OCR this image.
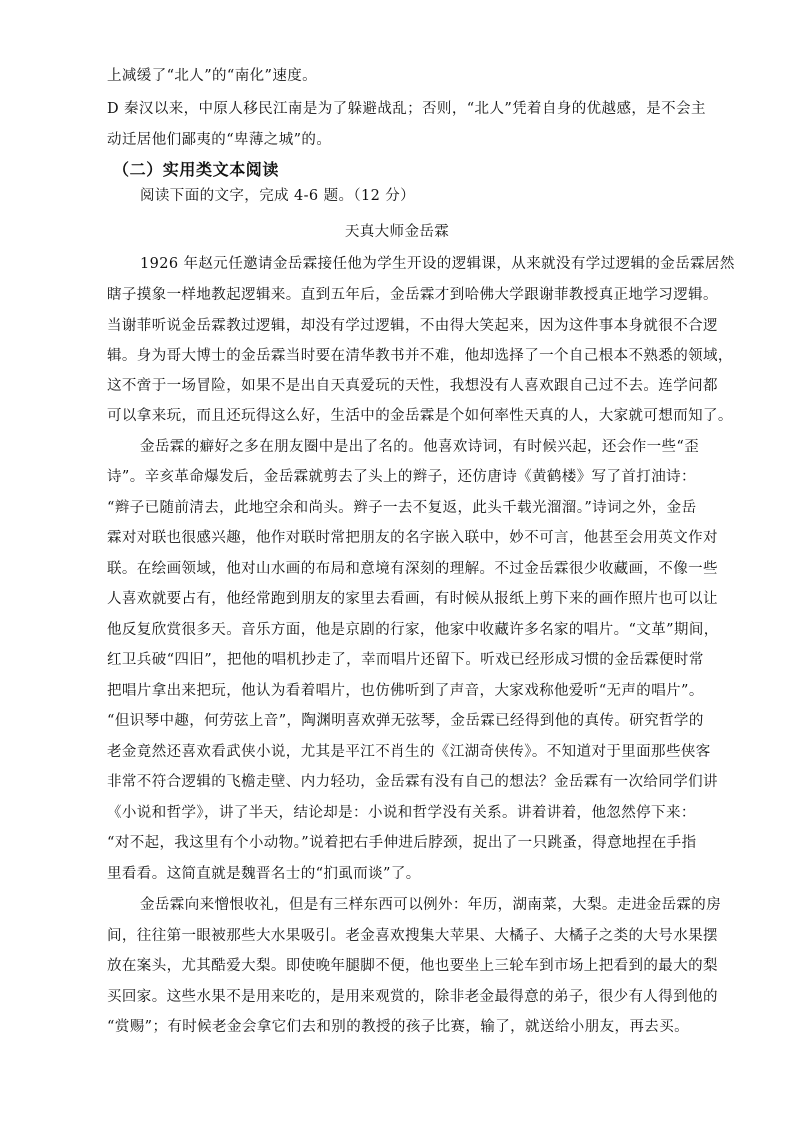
上减缓了“北人”的“南化”速度。
D 秦汉以来，中原人移民江南是为了躲避战乱；否则，“北人”凭着自身的优越感，是不会主
动迁居他们鄙夷的“卑薄之城”的。
（二）实用类文本阅读
阅读下面的文字，完成 4-6 题。（12 分）
天真大师金岳霖
1926 年赵元任邀请金岳霖接任他为学生开设的逻辑课，从来就没有学过逻辑的金岳霖居然
瞎子摸象一样地教起逻辑来。直到五年后，金岳霖才到哈佛大学跟谢菲教授真正地学习逻辑。
当谢菲听说金岳霖教过逻辑，却没有学过逻辑，不由得大笑起来，因为这件事本身就很不合逻
辑。身为哥大博士的金岳霖当时要在清华教书并不难，他却选择了一个自己根本不熟悉的领域，
这不啻于一场冒险，如果不是出自天真爱玩的天性，我想没有人喜欢跟自己过不去。连学问都
可以拿来玩，而且还玩得这么好，生活中的金岳霖是个如何率性天真的人，大家就可想而知了。
金岳霖的癖好之多在朋友圈中是出了名的。他喜欢诗词，有时候兴起，还会作一些“歪
诗”。辛亥革命爆发后，金岳霖就剪去了头上的辫子，还仿唐诗《黄鹤楼》写了首打油诗：
“辫子已随前清去，此地空余和尚头。辫子一去不复返，此头千载光溜溜。”诗词之外，金岳
霖对对联也很感兴趣，他作对联时常把朋友的名字嵌入联中，妙不可言，他甚至会用英文作对
联。在绘画领域，他对山水画的布局和意境有深刻的理解。不过金岳霖很少收藏画，不像一些
人喜欢就要占有，他经常跑到朋友的家里去看画，有时候从报纸上剪下来的画作照片也可以让
他反复欣赏很多天。音乐方面，他是京剧的行家，他家中收藏许多名家的唱片。“文革”期间，
红卫兵破“四旧”，把他的唱机抄走了，幸而唱片还留下。听戏已经形成习惯的金岳霖便时常
把唱片拿出来把玩，他认为看着唱片，也仿佛听到了声音，大家戏称他爱听“无声的唱片”。
“但识琴中趣，何劳弦上音”，陶渊明喜欢弹无弦琴，金岳霖已经得到他的真传。研究哲学的
老金竟然还喜欢看武侠小说，尤其是平江不肖生的《江湖奇侠传》。不知道对于里面那些侠客
非常不符合逻辑的飞檐走壁、内力轻功，金岳霖有没有自己的想法？金岳霖有一次给同学们讲
《小说和哲学》，讲了半天，结论却是：小说和哲学没有关系。讲着讲着，他忽然停下来：
“对不起，我这里有个小动物。”说着把右手伸进后脖颈，捉出了一只跳蚤，得意地捏在手指
里看看。这简直就是魏晋名士的“扪虱而谈”了。
金岳霖向来憎恨收礼，但是有三样东西可以例外：年历，湖南菜，大梨。走进金岳霖的房
间，往往第一眼被那些大水果吸引。老金喜欢搜集大苹果、大橘子、大橘子之类的大号水果摆
放在案头，尤其酷爱大梨。即使晚年腿脚不便，他也要坐上三轮车到市场上把看到的最大的梨
买回家。这些水果不是用来吃的，是用来观赏的，除非老金最得意的弟子，很少有人得到他的
“赏赐”；有时候老金会拿它们去和别的教授的孩子比赛，输了，就送给小朋友，再去买。
